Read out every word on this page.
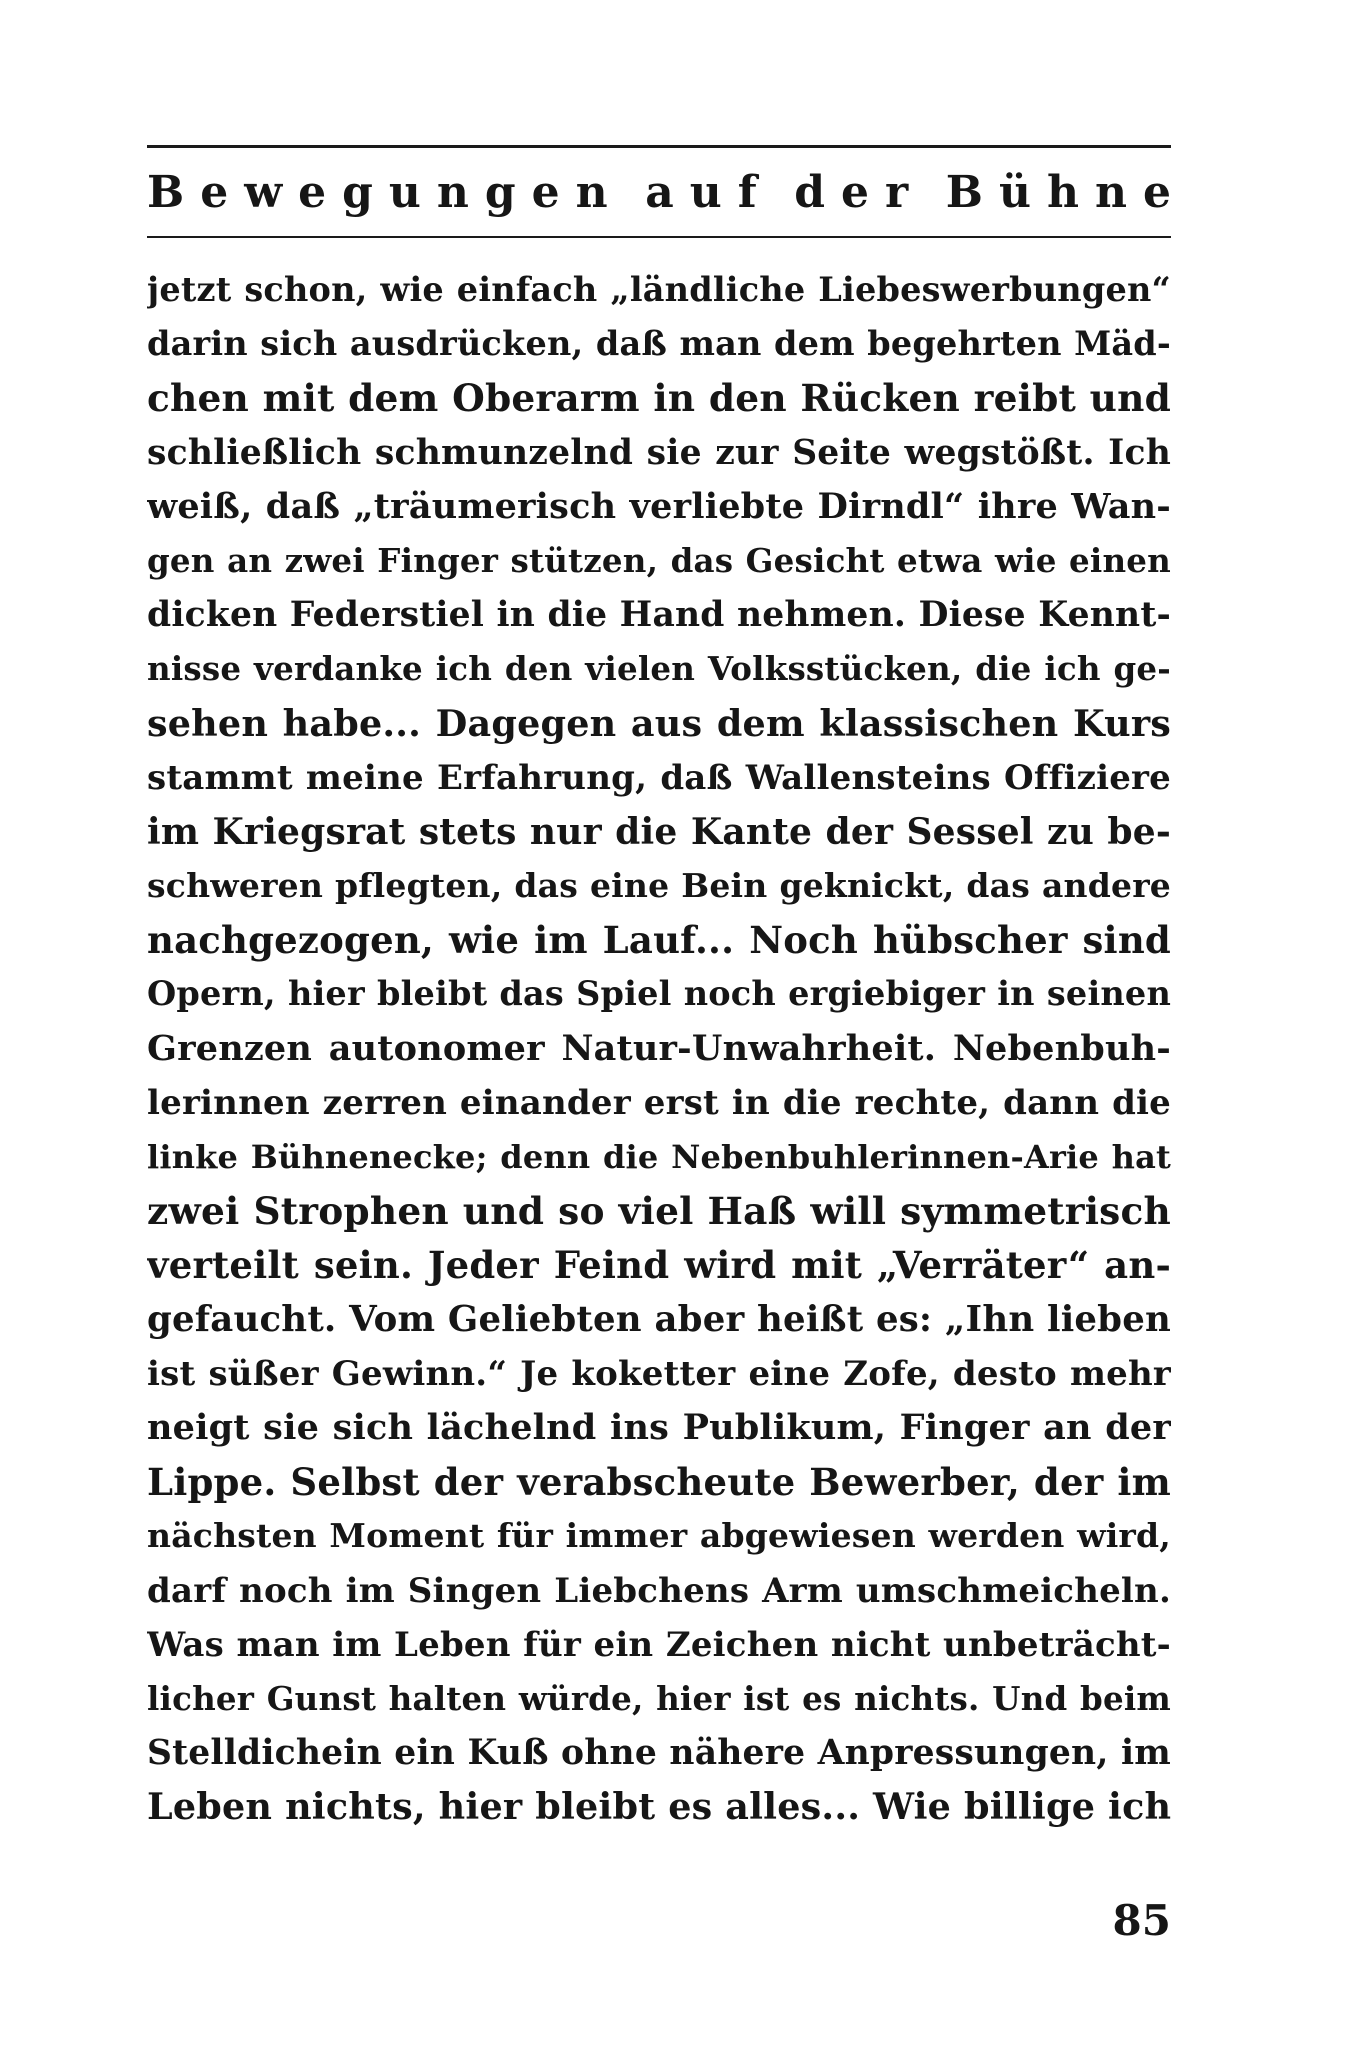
B e w e g u n g e n a u f d e r B ü h n e
jetzt schon, wie einfach „ländliche Liebeswerbungen“
darin sich ausdrücken, daß man dem begehrten Mäd-
chen mit dem Oberarm in den Rücken reibt und
schließlich schmunzelnd sie zur Seite wegstößt. Ich
weiß, daß „träumerisch verliebte Dirndl“ ihre Wan-
gen an zwei Finger stützen, das Gesicht etwa wie einen
dicken Federstiel in die Hand nehmen. Diese Kennt-
nisse verdanke ich den vielen Volksstücken, die ich ge-
sehen habe... Dagegen aus dem klassischen Kurs
stammt meine Erfahrung, daß Wallensteins Offiziere
im Kriegsrat stets nur die Kante der Sessel zu be-
schweren pflegten, das eine Bein geknickt, das andere
nachgezogen, wie im Lauf... Noch hübscher sind
Opern, hier bleibt das Spiel noch ergiebiger in seinen
Grenzen autonomer Natur-Unwahrheit. Nebenbuh-
lerinnen zerren einander erst in die rechte, dann die
linke Bühnenecke; denn die Nebenbuhlerinnen-Arie hat
zwei Strophen und so viel Haß will symmetrisch
verteilt sein. Jeder Feind wird mit „Verräter“ an-
gefaucht. Vom Geliebten aber heißt es: „Ihn lieben
ist süßer Gewinn.“ Je koketter eine Zofe, desto mehr
neigt sie sich lächelnd ins Publikum, Finger an der
Lippe. Selbst der verabscheute Bewerber, der im
nächsten Moment für immer abgewiesen werden wird,
darf noch im Singen Liebchens Arm umschmeicheln.
Was man im Leben für ein Zeichen nicht unbeträcht-
licher Gunst halten würde, hier ist es nichts. Und beim
Stelldichein ein Kuß ohne nähere Anpressungen, im
Leben nichts, hier bleibt es alles... Wie billige ich
85
